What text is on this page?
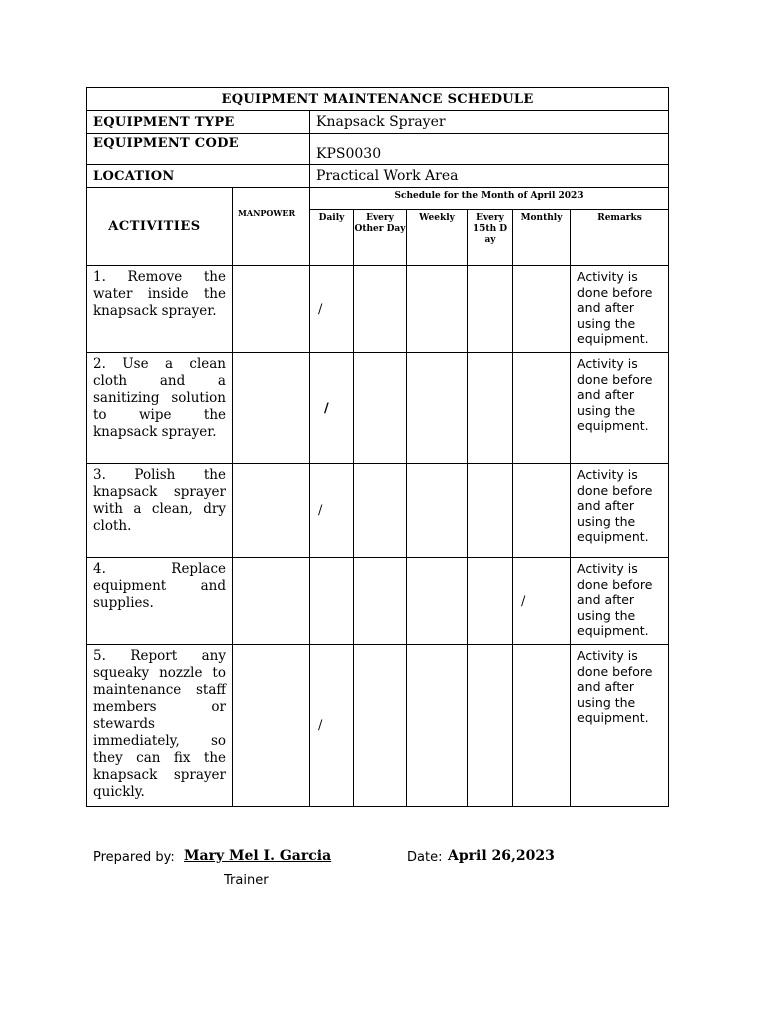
EQUIPMENT MAINTENANCE SCHEDULE							
EQUIPMENT TYPE		Knapsack Sprayer					
EQUIPMENT CODE		KPS0030					
LOCATION		Practical Work Area					
ACTIVITIES	MANPOWER	Schedule for the Month of April 2023					
		Daily	Every Other Day	Weekly	Every 15th Day	Monthly	Remarks
1. Remove the water inside the knapsack sprayer.		/					Activity is done before and after using the equipment.
2. Use a clean cloth and a sanitizing solution to wipe the knapsack sprayer.		/					Activity is done before and after using the equipment.
3. Polish the knapsack sprayer with a clean, dry cloth.		/					Activity is done before and after using the equipment.
4. Replace equipment and supplies.						/	Activity is done before and after using the equipment.
5. Report any squeaky nozzle to maintenance staff members or stewards immediately, so they can fix the knapsack sprayer quickly.		/					Activity is done before and after using the equipment.
Prepared by: Mary Mel I. Garcia
Trainer
Date: April 26,2023
